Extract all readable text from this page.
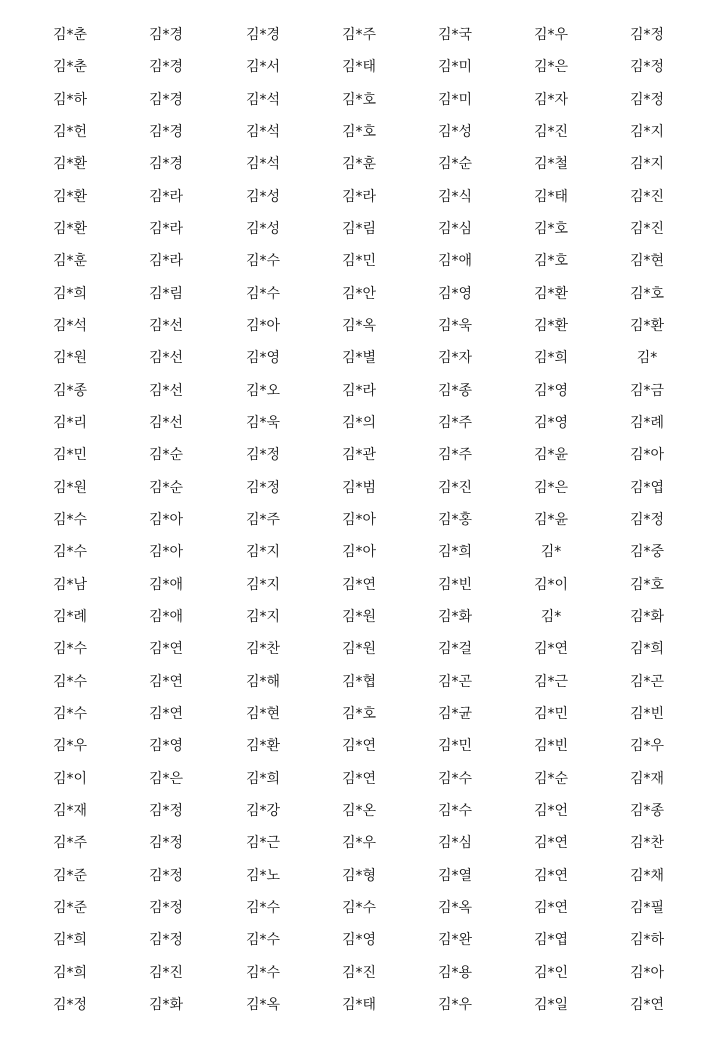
김*춘	김*경	김*경	김*주	김*국	김*우	김*정
김*춘	김*경	김*서	김*태	김*미	김*은	김*정
김*하	김*경	김*석	김*호	김*미	김*자	김*정
김*헌	김*경	김*석	김*호	김*성	김*진	김*지
김*환	김*경	김*석	김*훈	김*순	김*철	김*지
김*환	김*라	김*성	김*라	김*식	김*태	김*진
김*환	김*라	김*성	김*림	김*심	김*호	김*진
김*훈	김*라	김*수	김*민	김*애	김*호	김*현
김*희	김*림	김*수	김*안	김*영	김*환	김*호
김*석	김*선	김*아	김*옥	김*욱	김*환	김*환
김*원	김*선	김*영	김*별	김*자	김*희	김*
김*종	김*선	김*오	김*라	김*종	김*영	김*금
김*리	김*선	김*욱	김*의	김*주	김*영	김*례
김*민	김*순	김*정	김*관	김*주	김*윤	김*아
김*원	김*순	김*정	김*범	김*진	김*은	김*엽
김*수	김*아	김*주	김*아	김*홍	김*윤	김*정
김*수	김*아	김*지	김*아	김*희	김*	김*중
김*남	김*애	김*지	김*연	김*빈	김*이	김*호
김*례	김*애	김*지	김*원	김*화	김*	김*화
김*수	김*연	김*찬	김*원	김*걸	김*연	김*희
김*수	김*연	김*해	김*협	김*곤	김*근	김*곤
김*수	김*연	김*현	김*호	김*균	김*민	김*빈
김*우	김*영	김*환	김*연	김*민	김*빈	김*우
김*이	김*은	김*희	김*연	김*수	김*순	김*재
김*재	김*정	김*강	김*온	김*수	김*언	김*종
김*주	김*정	김*근	김*우	김*심	김*연	김*찬
김*준	김*정	김*노	김*형	김*열	김*연	김*채
김*준	김*정	김*수	김*수	김*옥	김*연	김*필
김*희	김*정	김*수	김*영	김*완	김*엽	김*하
김*희	김*진	김*수	김*진	김*용	김*인	김*아
김*정	김*화	김*옥	김*태	김*우	김*일	김*연
